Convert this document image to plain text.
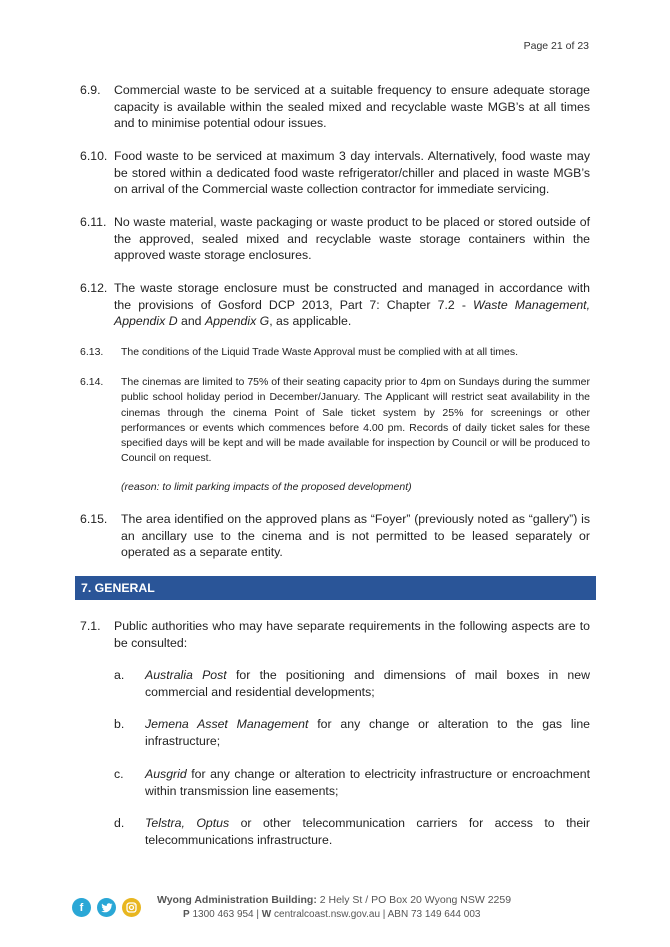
Page 21 of 23
6.9. Commercial waste to be serviced at a suitable frequency to ensure adequate storage capacity is available within the sealed mixed and recyclable waste MGB’s at all times and to minimise potential odour issues.
6.10. Food waste to be serviced at maximum 3 day intervals. Alternatively, food waste may be stored within a dedicated food waste refrigerator/chiller and placed in waste MGB’s on arrival of the Commercial waste collection contractor for immediate servicing.
6.11. No waste material, waste packaging or waste product to be placed or stored outside of the approved, sealed mixed and recyclable waste storage containers within the approved waste storage enclosures.
6.12. The waste storage enclosure must be constructed and managed in accordance with the provisions of Gosford DCP 2013, Part 7: Chapter 7.2 - Waste Management, Appendix D and Appendix G, as applicable.
6.13. The conditions of the Liquid Trade Waste Approval must be complied with at all times.
6.14. The cinemas are limited to 75% of their seating capacity prior to 4pm on Sundays during the summer public school holiday period in December/January. The Applicant will restrict seat availability in the cinemas through the cinema Point of Sale ticket system by 25% for screenings or other performances or events which commences before 4.00 pm. Records of daily ticket sales for these specified days will be kept and will be made available for inspection by Council or will be produced to Council on request.
(reason: to limit parking impacts of the proposed development)
6.15. The area identified on the approved plans as “Foyer” (previously noted as “gallery”) is an ancillary use to the cinema and is not permitted to be leased separately or operated as a separate entity.
7. GENERAL
7.1. Public authorities who may have separate requirements in the following aspects are to be consulted:
a. Australia Post for the positioning and dimensions of mail boxes in new commercial and residential developments;
b. Jemena Asset Management for any change or alteration to the gas line infrastructure;
c. Ausgrid for any change or alteration to electricity infrastructure or encroachment within transmission line easements;
d. Telstra, Optus or other telecommunication carriers for access to their telecommunications infrastructure.
f
Wyong Administration Building: 2 Hely St / PO Box 20 Wyong NSW 2259
P 1300 463 954 | W centralcoast.nsw.gov.au | ABN 73 149 644 003
